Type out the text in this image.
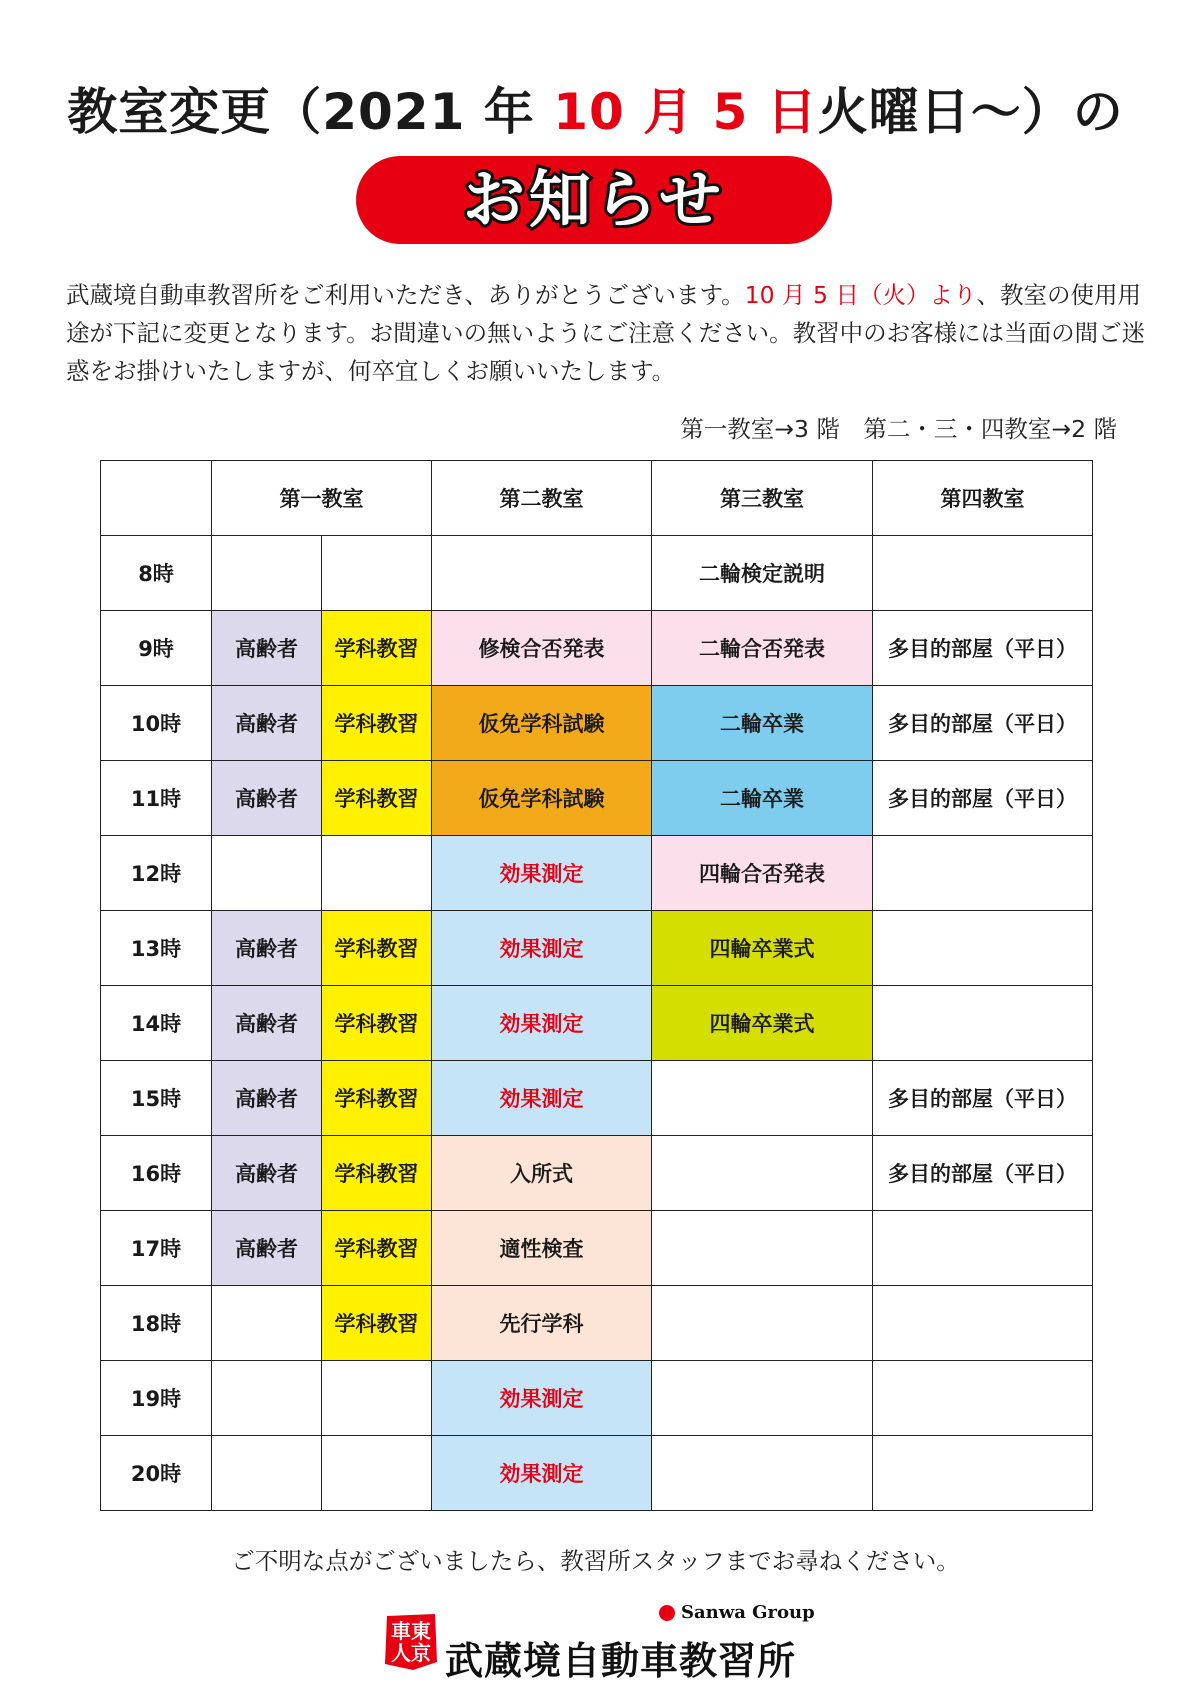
教室変更（2021 年 10 月 5 日火曜日〜）の
お知らせ
武蔵境自動車教習所をご利用いただき、ありがとうございます。10 月 5 日（火）より、教室の使用用途が下記に変更となります。お間違いの無いようにご注意ください。教習中のお客様には当面の間ご迷惑をお掛けいたしますが、何卒宜しくお願いいたします。
第一教室→3 階　第二・三・四教室→2 階
	第一教室		第二教室	第三教室	第四教室
8時				二輪検定説明	
9時	高齢者	学科教習	修検合否発表	二輪合否発表	多目的部屋（平日）
10時	高齢者	学科教習	仮免学科試験	二輪卒業	多目的部屋（平日）
11時	高齢者	学科教習	仮免学科試験	二輪卒業	多目的部屋（平日）
12時			効果測定	四輪合否発表	
13時	高齢者	学科教習	効果測定	四輪卒業式	
14時	高齢者	学科教習	効果測定	四輪卒業式	
15時	高齢者	学科教習	効果測定		多目的部屋（平日）
16時	高齢者	学科教習	入所式		多目的部屋（平日）
17時	高齢者	学科教習	適性検査		
18時		学科教習	先行学科		
19時			効果測定		
20時			効果測定		
ご不明な点がございましたら、教習所スタッフまでお尋ねください。
車東
人京
Sanwa Group
武蔵境自動車教習所
